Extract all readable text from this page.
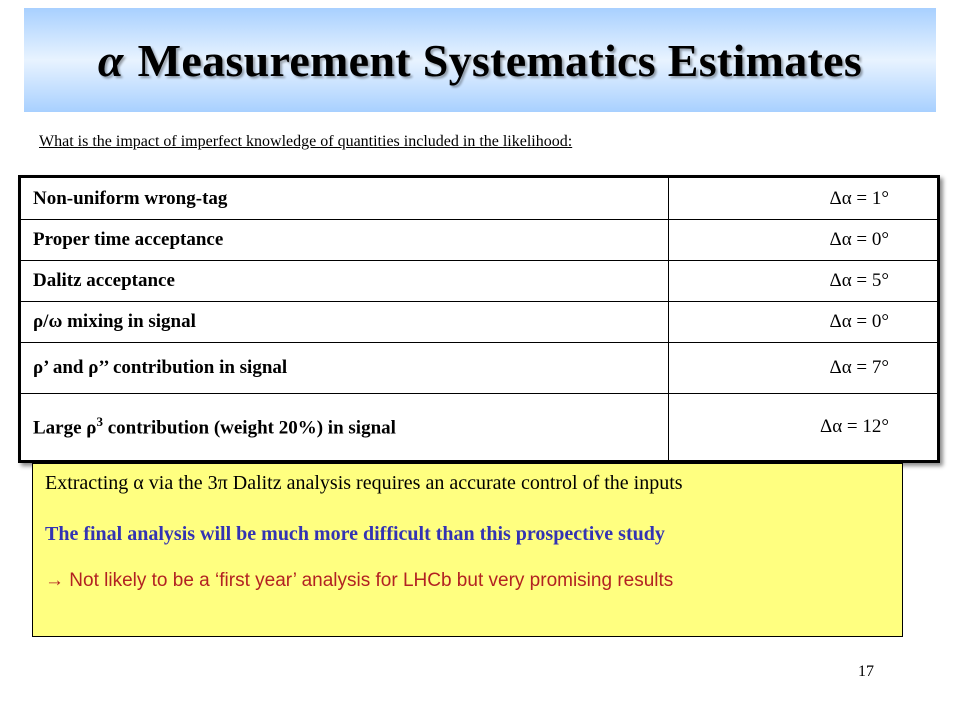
α Measurement Systematics Estimates
What is the impact of imperfect knowledge of quantities included in the likelihood:
Non-uniform wrong-tag	Δα = 1°
Proper time acceptance	Δα = 0°
Dalitz acceptance	Δα = 5°
ρ/ω mixing in signal	Δα = 0°
ρ’ and ρ’’ contribution in signal	Δα = 7°
Large $\rho^3$ contribution (weight 20%) in signal	Δα = 12°
Extracting α via the 3π Dalitz analysis requires an accurate control of the inputs
The final analysis will be much more difficult than this prospective study
→ Not likely to be a ‘first year’ analysis for LHCb but very promising results
17
